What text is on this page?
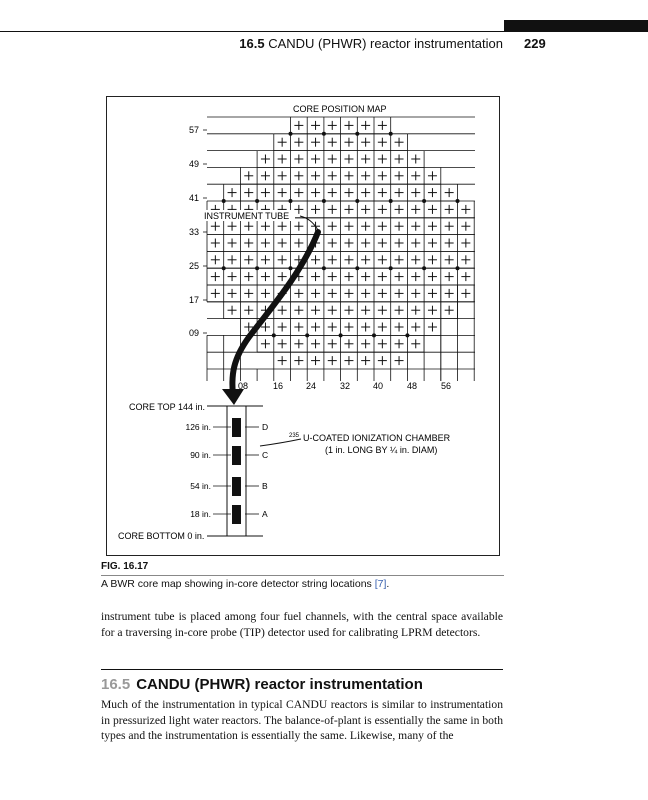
16.5 CANDU (PHWR) reactor instrumentation 229
CORE POSITION MAP
57
49
41
33
25
17
09
08	16	24	32	40	48	56
INSTRUMENT TUBE
126 in.	D
90 in.	C
54 in.	B
18 in.	A
CORE TOP 144 in.
CORE BOTTOM 0 in.
235 U-COATED IONIZATION CHAMBER
(1 in. LONG BY ¼ in. DIAM)
FIG. 16.17
A BWR core map showing in-core detector string locations [7].
instrument tube is placed among four fuel channels, with the central space available for a traversing in-core probe (TIP) detector used for calibrating LPRM detectors.
16.5 CANDU (PHWR) reactor instrumentation
Much of the instrumentation in typical CANDU reactors is similar to instrumentation in pressurized light water reactors. The balance-of-plant is essentially the same in both types and the instrumentation is essentially the same. Likewise, many of the
